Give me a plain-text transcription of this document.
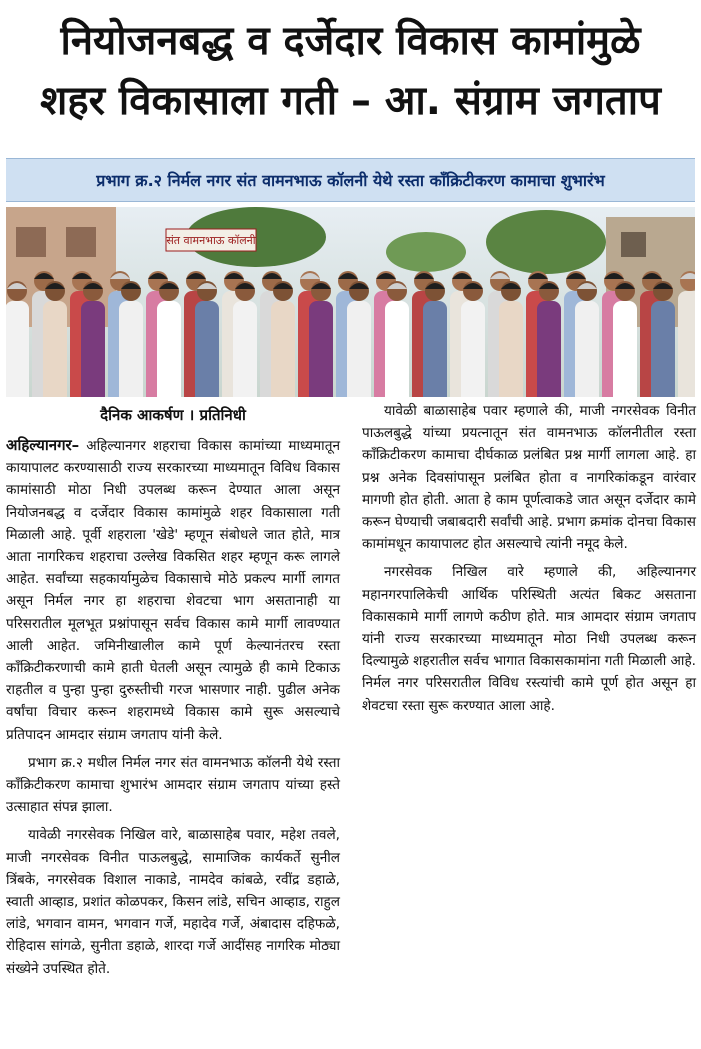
नियोजनबद्ध व दर्जेदार विकास कामांमुळे
शहर विकासाला गती – आ. संग्राम जगताप
प्रभाग क्र.२ निर्मल नगर संत वामनभाऊ कॉलनी येथे रस्ता कॉंक्रिटीकरण कामाचा शुभारंभ
संत वामनभाऊ कॉलनी
दैनिक आकर्षण । प्रतिनिधी

अहिल्यानगर– अहिल्यानगर शहराचा विकास कामांच्या माध्यमातून कायापालट करण्यासाठी राज्य सरकारच्या माध्यमातून विविध विकास कामांसाठी मोठा निधी उपलब्ध करून देण्यात आला असून नियोजनबद्ध व दर्जेदार विकास कामांमुळे शहर विकासाला गती मिळाली आहे. पूर्वी शहराला 'खेडे' म्हणून संबोधले जात होते, मात्र आता नागरिकच शहराचा उल्लेख विकसित शहर म्हणून करू लागले आहेत. सर्वांच्या सहकार्यामुळेच विकासाचे मोठे प्रकल्प मार्गी लागत असून निर्मल नगर हा शहराचा शेवटचा भाग असतानाही या परिसरातील मूलभूत प्रश्नांपासून सर्वच विकास कामे मार्गी लावण्यात आली आहेत. जमिनीखालील कामे पूर्ण केल्यानंतरच रस्ता कॉंक्रिटीकरणाची कामे हाती घेतली असून त्यामुळे ही कामे टिकाऊ राहतील व पुन्हा पुन्हा दुरुस्तीची गरज भासणार नाही. पुढील अनेक वर्षांचा विचार करून शहरामध्ये विकास कामे सुरू असल्याचे प्रतिपादन आमदार संग्राम जगताप यांनी केले.

प्रभाग क्र.२ मधील निर्मल नगर संत वामनभाऊ कॉलनी येथे रस्ता कॉंक्रिटीकरण कामाचा शुभारंभ आमदार संग्राम जगताप यांच्या हस्ते उत्साहात संपन्न झाला.

यावेळी नगरसेवक निखिल वारे, बाळासाहेब पवार, महेश तवले, माजी नगरसेवक विनीत पाऊलबुद्धे, सामाजिक कार्यकर्ते सुनील त्रिंबके, नगरसेवक विशाल नाकाडे, नामदेव कांबळे, रवींद्र डहाळे, स्वाती आव्हाड, प्रशांत कोळपकर, किसन लांडे, सचिन आव्हाड, राहुल लांडे, भगवान वामन, भगवान गर्जे, महादेव गर्जे, अंबादास दहिफळे, रोहिदास सांगळे, सुनीता डहाळे, शारदा गर्जे आदींसह नागरिक मोठ्या संख्येने उपस्थित होते.

यावेळी बाळासाहेब पवार म्हणाले की, माजी नगरसेवक विनीत पाऊलबुद्धे यांच्या प्रयत्नातून संत वामनभाऊ कॉलनीतील रस्ता कॉंक्रिटीकरण कामाचा दीर्घकाळ प्रलंबित प्रश्न मार्गी लागला आहे. हा प्रश्न अनेक दिवसांपासून प्रलंबित होता व नागरिकांकडून वारंवार मागणी होत होती. आता हे काम पूर्णत्वाकडे जात असून दर्जेदार कामे करून घेण्याची जबाबदारी सर्वांची आहे. प्रभाग क्रमांक दोनचा विकास कामांमधून कायापालट होत असल्याचे त्यांनी नमूद केले.

नगरसेवक निखिल वारे म्हणाले की, अहिल्यानगर महानगरपालिकेची आर्थिक परिस्थिती अत्यंत बिकट असताना विकासकामे मार्गी लागणे कठीण होते. मात्र आमदार संग्राम जगताप यांनी राज्य सरकारच्या माध्यमातून मोठा निधी उपलब्ध करून दिल्यामुळे शहरातील सर्वच भागात विकासकामांना गती मिळाली आहे. निर्मल नगर परिसरातील विविध रस्त्यांची कामे पूर्ण होत असून हा शेवटचा रस्ता सुरू करण्यात आला आहे.
